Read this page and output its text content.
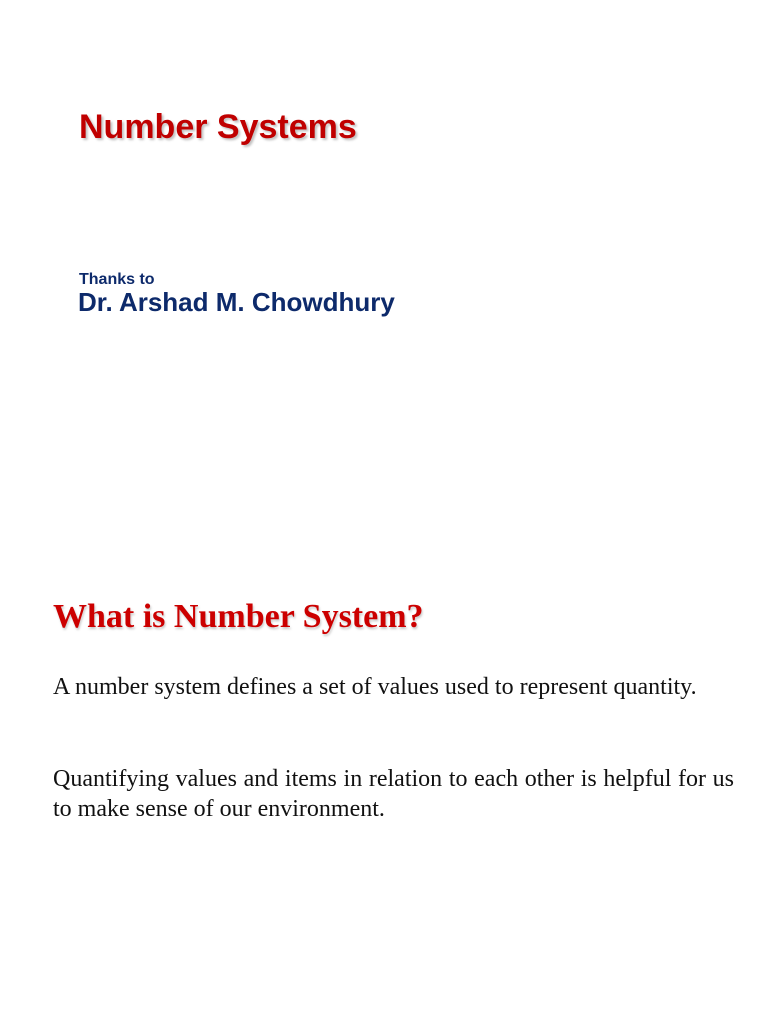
Number Systems
Thanks to
Dr. Arshad M. Chowdhury
What is Number System?

A number system defines a set of values used to represent quantity.

Quantifying values and items in relation to each other is helpful for us to make sense of our environment.
